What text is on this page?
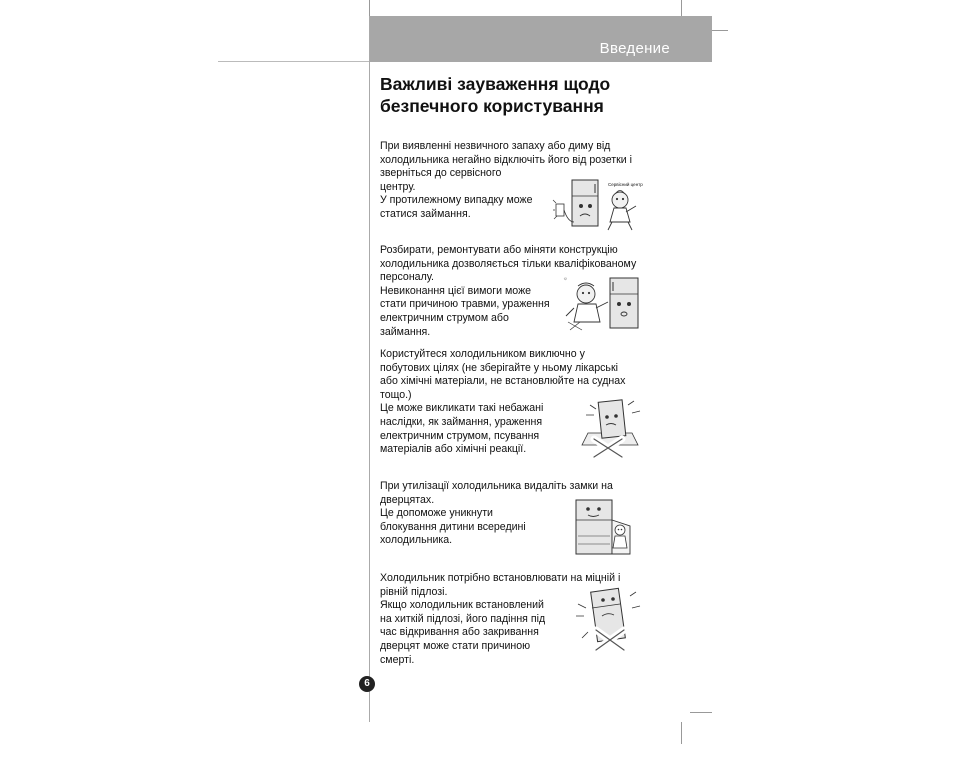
Введение
Важливі зауваження щодо
безпечного користування
При виявленні незвичного запаху або диму від
холодильника негайно відключіть його від розетки і
зверніться до сервісного
центру.
У протилежному випадку може
статися займання.
Сервісний центр
Розбирати, ремонтувати або міняти конструкцію
холодильника дозволяється тільки кваліфікованому
персоналу.
Невиконання цієї вимоги може
стати причиною травми, ураження
електричним струмом або
займання.
☼
Користуйтеся холодильником виключно у
побутових цілях (не зберігайте у ньому лікарські
або хімічні матеріали, не встановлюйте на суднах
тощо.)
Це може викликати такі небажані
наслідки, як займання, ураження
електричним струмом, псування
матеріалів або хімічні реакції.
При утилізації холодильника видаліть замки на
дверцятах.
Це допоможе уникнути
блокування дитини всередині
холодильника.
Холодильник потрібно встановлювати на міцній і
рівній підлозі.
Якщо холодильник встановлений
на хиткій підлозі, його падіння під
час відкривання або закривання
дверцят може стати причиною
смерті.
6
